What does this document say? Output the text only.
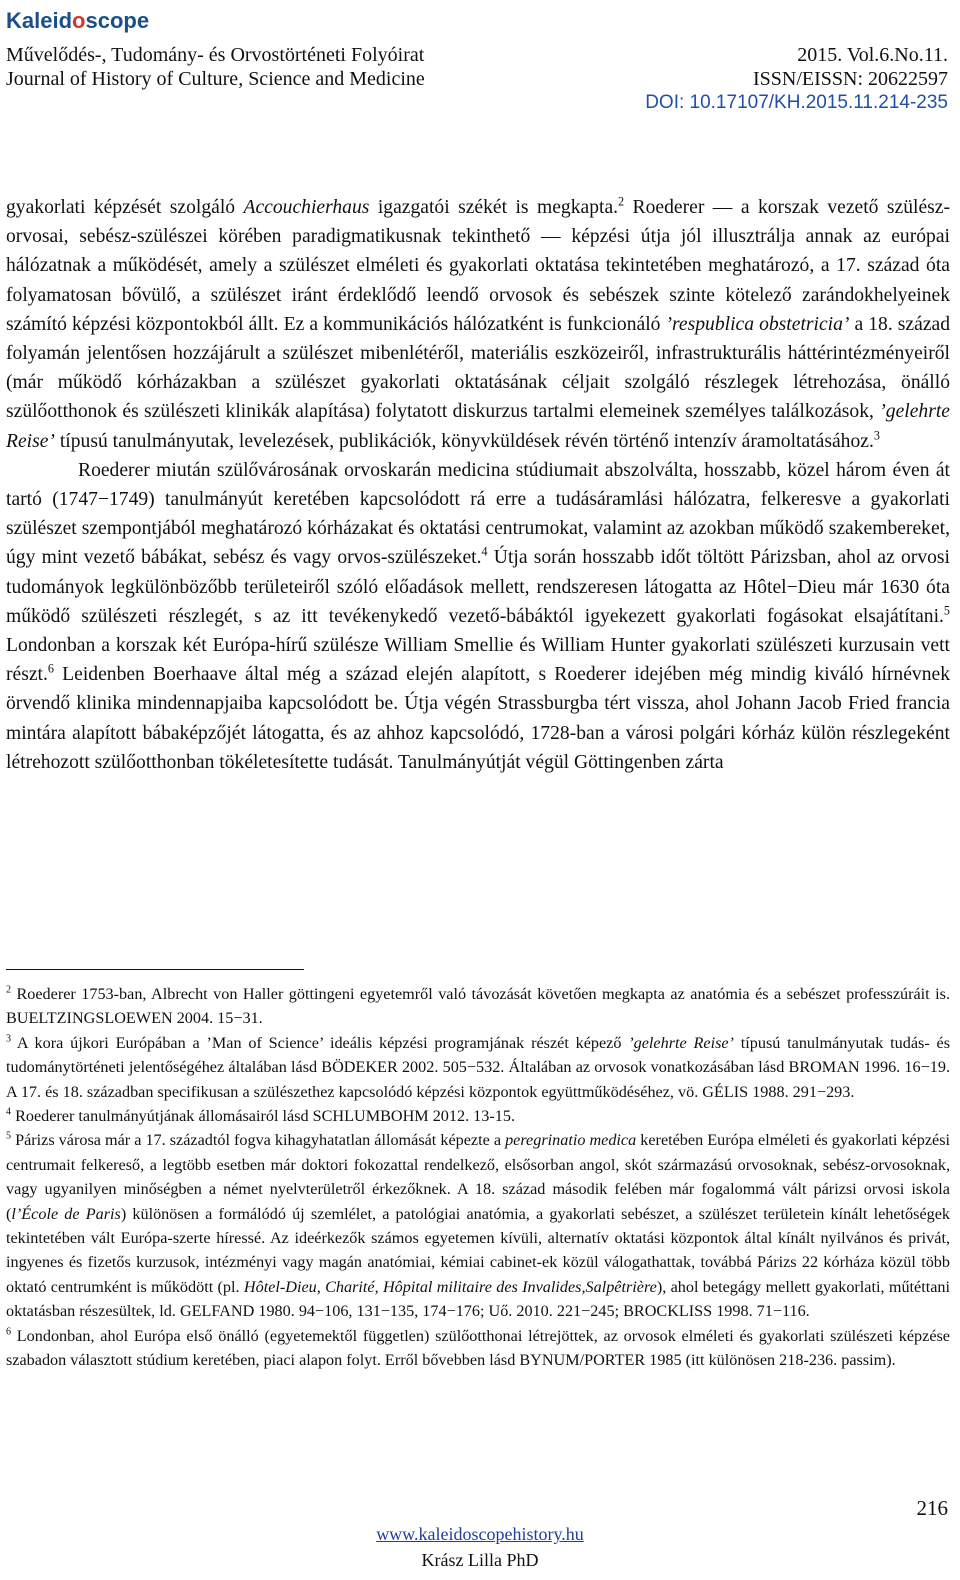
Kaleidoscope
Művelődés-, Tudomány- és Orvostörténeti Folyóirat
Journal of History of Culture, Science and Medicine
2015. Vol.6.No.11.
ISSN/EISSN: 20622597
DOI: 10.17107/KH.2015.11.214-235

gyakorlati képzését szolgáló Accouchierhaus igazgatói székét is megkapta.$^2$ Roederer — a korszak vezető szülész-orvosai, sebész-szülészei körében paradigmatikusnak tekinthető — képzési útja jól illusztrálja annak az európai hálózatnak a működését, amely a szülészet elméleti és gyakorlati oktatása tekintetében meghatározó, a 17. század óta folyamatosan bővülő, a szülészet iránt érdeklődő leendő orvosok és sebészek szinte kötelező zarándokhelyeinek számító képzési központokból állt. Ez a kommunikációs hálózatként is funkcionáló ’respublica obstetricia’ a 18. század folyamán jelentősen hozzájárult a szülészet mibenlétéről, materiális eszközeiről, infrastrukturális háttérintézményeiről (már működő kórházakban a szülészet gyakorlati oktatásának céljait szolgáló részlegek létrehozása, önálló szülőotthonok és szülészeti klinikák alapítása) folytatott diskurzus tartalmi elemeinek személyes találkozások, ’gelehrte Reise’ típusú tanulmányutak, levelezések, publikációk, könyvküldések révén történő intenzív áramoltatásához.$^3$

Roederer miután szülővárosának orvoskarán medicina stúdiumait abszolválta, hosszabb, közel három éven át tartó (1747−1749) tanulmányút keretében kapcsolódott rá erre a tudásáramlási hálózatra, felkeresve a gyakorlati szülészet szempontjából meghatározó kórházakat és oktatási centrumokat, valamint az azokban működő szakembereket, úgy mint vezető bábákat, sebész és vagy orvos-szülészeket.$^4$ Útja során hosszabb időt töltött Párizsban, ahol az orvosi tudományok legkülönbözőbb területeiről szóló előadások mellett, rendszeresen látogatta az Hôtel−Dieu már 1630 óta működő szülészeti részlegét, s az itt tevékenykedő vezető-bábáktól igyekezett gyakorlati fogásokat elsajátítani.$^5$ Londonban a korszak két Európa-hírű szülésze William Smellie és William Hunter gyakorlati szülészeti kurzusain vett részt.$^6$ Leidenben Boerhaave által még a század elején alapított, s Roederer idejében még mindig kiváló hírnévnek örvendő klinika mindennapjaiba kapcsolódott be. Útja végén Strassburgba tért vissza, ahol Johann Jacob Fried francia mintára alapított bábaképzőjét látogatta, és az ahhoz kapcsolódó, 1728-ban a városi polgári kórház külön részlegeként létrehozott szülőotthonban tökéletesítette tudását. Tanulmányútját végül Göttingenben zárta

$^2$ Roederer 1753-ban, Albrecht von Haller göttingeni egyetemről való távozását követően megkapta az anatómia és a sebészet professzúráit is. BUELTZINGSLOEWEN 2004. 15−31.

$^3$ A kora újkori Európában a ’Man of Science’ ideális képzési programjának részét képező ’gelehrte Reise’ típusú tanulmányutak tudás- és tudománytörténeti jelentőségéhez általában lásd BÖDEKER 2002. 505−532. Általában az orvosok vonatkozásában lásd BROMAN 1996. 16−19. A 17. és 18. században specifikusan a szülészethez kapcsolódó képzési központok együttműködéséhez, vö. GÉLIS 1988. 291−293.

$^4$ Roederer tanulmányútjának állomásairól lásd SCHLUMBOHM 2012. 13-15.

$^5$ Párizs városa már a 17. századtól fogva kihagyhatatlan állomását képezte a peregrinatio medica keretében Európa elméleti és gyakorlati képzési centrumait felkereső, a legtöbb esetben már doktori fokozattal rendelkező, elsősorban angol, skót származású orvosoknak, sebész-orvosoknak, vagy ugyanilyen minőségben a német nyelvterületről érkezőknek. A 18. század második felében már fogalommá vált párizsi orvosi iskola (l’École de Paris) különösen a formálódó új szemlélet, a patológiai anatómia, a gyakorlati sebészet, a szülészet területein kínált lehetőségek tekintetében vált Európa-szerte híressé. Az ideérkezők számos egyetemen kívüli, alternatív oktatási központok által kínált nyilvános és privát, ingyenes és fizetős kurzusok, intézményi vagy magán anatómiai, kémiai cabinet-ek közül válogathattak, továbbá Párizs 22 kórháza közül több oktató centrumként is működött (pl. Hôtel-Dieu, Charité, Hôpital militaire des Invalides,Salpêtrière), ahol betegágy mellett gyakorlati, műtéttani oktatásban részesültek, ld. GELFAND 1980. 94−106, 131−135, 174−176; Uő. 2010. 221−245; BROCKLISS 1998. 71−116.

$^6$ Londonban, ahol Európa első önálló (egyetemektől független) szülőotthonai létrejöttek, az orvosok elméleti és gyakorlati szülészeti képzése szabadon választott stúdium keretében, piaci alapon folyt. Erről bővebben lásd BYNUM/PORTER 1985 (itt különösen 218-236. passim).

216
www.kaleidoscopehistory.hu
Krász Lilla PhD
